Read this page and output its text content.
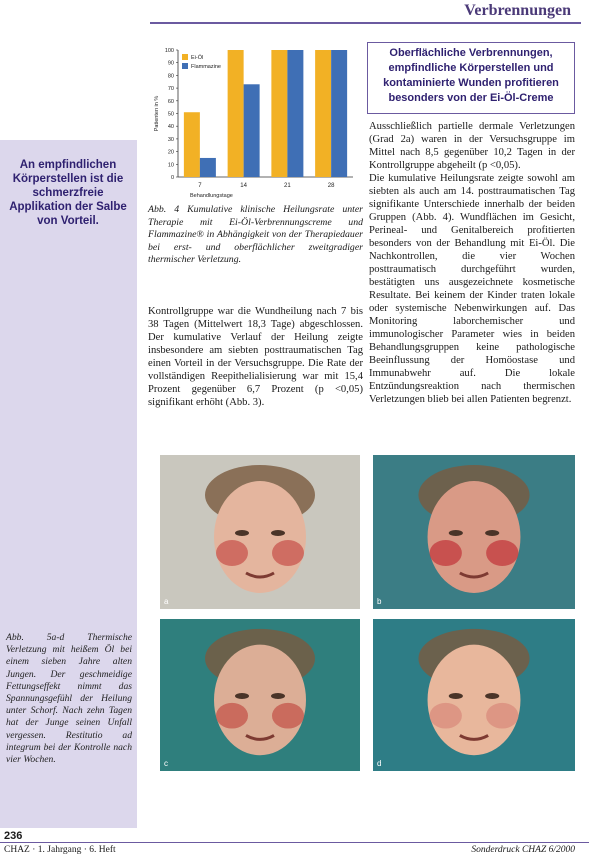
Verbrennungen
An empfindlichen Körperstellen ist die schmerzfreie Applikation der Salbe von Vorteil.
Abb. 5a-d Thermische Verletzung mit heißem Öl bei einem sieben Jahre alten Jungen. Der geschmeidige Fettungseffekt nimmt das Spannungsgefühl der Heilung unter Schorf. Nach zehn Tagen hat der Junge seinen Unfall vergessen. Restitutio ad integrum bei der Kontrolle nach vier Wochen.
0
10
20
30
40
50
60
70
80
90
100
Patienten in %
7	14	21	28
Behandlungstage
Ei-Öl
Flammazine
Abb. 4 Kumulative klinische Heilungsrate unter Therapie mit Ei-Öl-Verbrennungscreme und Flammazine® in Abhängigkeit von der Therapiedauer bei erst- und oberflächlicher zweitgradiger thermischer Verletzung.
Kontrollgruppe war die Wundheilung nach 7 bis 38 Tagen (Mittelwert 18,3 Tage) abgeschlossen. Der kumulative Verlauf der Heilung zeigte insbesondere am siebten posttraumatischen Tag einen Vorteil in der Versuchsgruppe. Die Rate der vollständigen Reepithelialisierung war mit 15,4 Prozent gegenüber 6,7 Prozent (p <0,05) signifikant erhöht (Abb. 3).
Oberflächliche Verbrennungen, empfindliche Körperstellen und kontaminierte Wunden profitieren besonders von der Ei-Öl-Creme

Ausschließlich partielle dermale Verletzungen (Grad 2a) waren in der Versuchsgruppe im Mittel nach 8,5 gegenüber 10,2 Tagen in der Kontrollgruppe abgeheilt (p <0,05).

Die kumulative Heilungsrate zeigte sowohl am siebten als auch am 14. posttraumatischen Tag signifikante Unterschiede innerhalb der beiden Gruppen (Abb. 4). Wundflächen im Gesicht, Perineal- und Genitalbereich profitierten besonders von der Behandlung mit Ei-Öl. Die Nachkontrollen, die vier Wochen posttraumatisch durchgeführt wurden, bestätigten uns ausgezeichnete kosmetische Resultate. Bei keinem der Kinder traten lokale oder systemische Nebenwirkungen auf. Das Monitoring laborchemischer und immunologischer Parameter wies in beiden Behandlungsgruppen keine pathologische Beeinflussung der Homöostase und Immunabwehr auf. Die lokale Entzündungsreaktion nach thermischen Verletzungen blieb bei allen Patienten begrenzt.

a	b
c	d
236
CHAZ · 1. Jahrgang · 6. Heft	Sonderdruck CHAZ 6/2000
